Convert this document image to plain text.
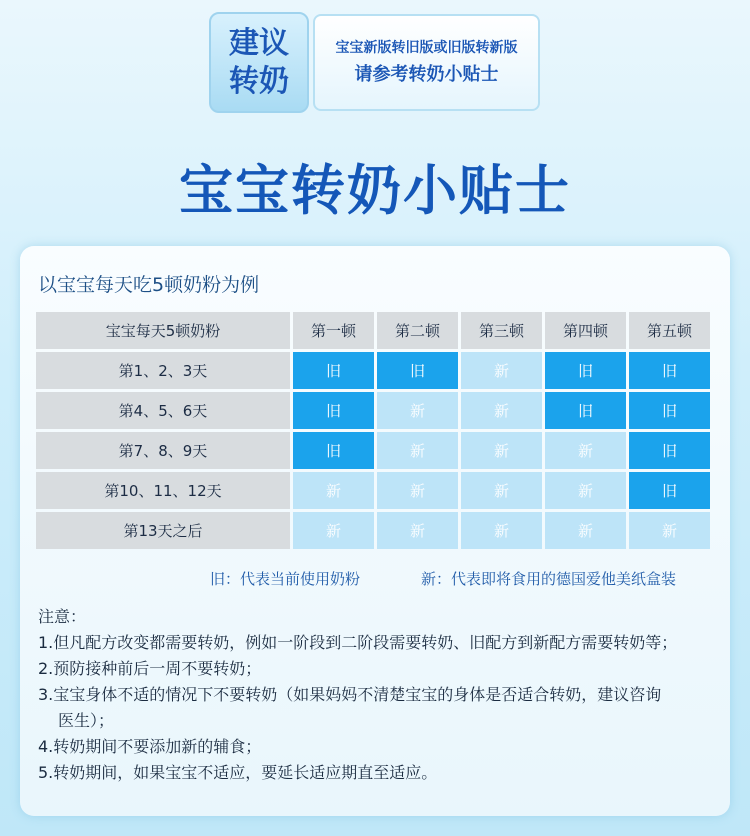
建议
转奶
宝宝新版转旧版或旧版转新版
请参考转奶小贴士
宝宝转奶小贴士
以宝宝每天吃5顿奶粉为例
宝宝每天5顿奶粉	第一顿	第二顿	第三顿	第四顿	第五顿
第1、2、3天	旧	旧	新	旧	旧
第4、5、6天	旧	新	新	旧	旧
第7、8、9天	旧	新	新	新	旧
第10、11、12天	新	新	新	新	旧
第13天之后	新	新	新	新	新
旧：代表当前使用奶粉	新：代表即将食用的德国爱他美纸盒装
注意：
1.但凡配方改变都需要转奶，例如一阶段到二阶段需要转奶、旧配方到新配方需要转奶等；
2.预防接种前后一周不要转奶；
3.宝宝身体不适的情况下不要转奶（如果妈妈不清楚宝宝的身体是否适合转奶，建议咨询
医生）；
4.转奶期间不要添加新的辅食；
5.转奶期间，如果宝宝不适应，要延长适应期直至适应。
